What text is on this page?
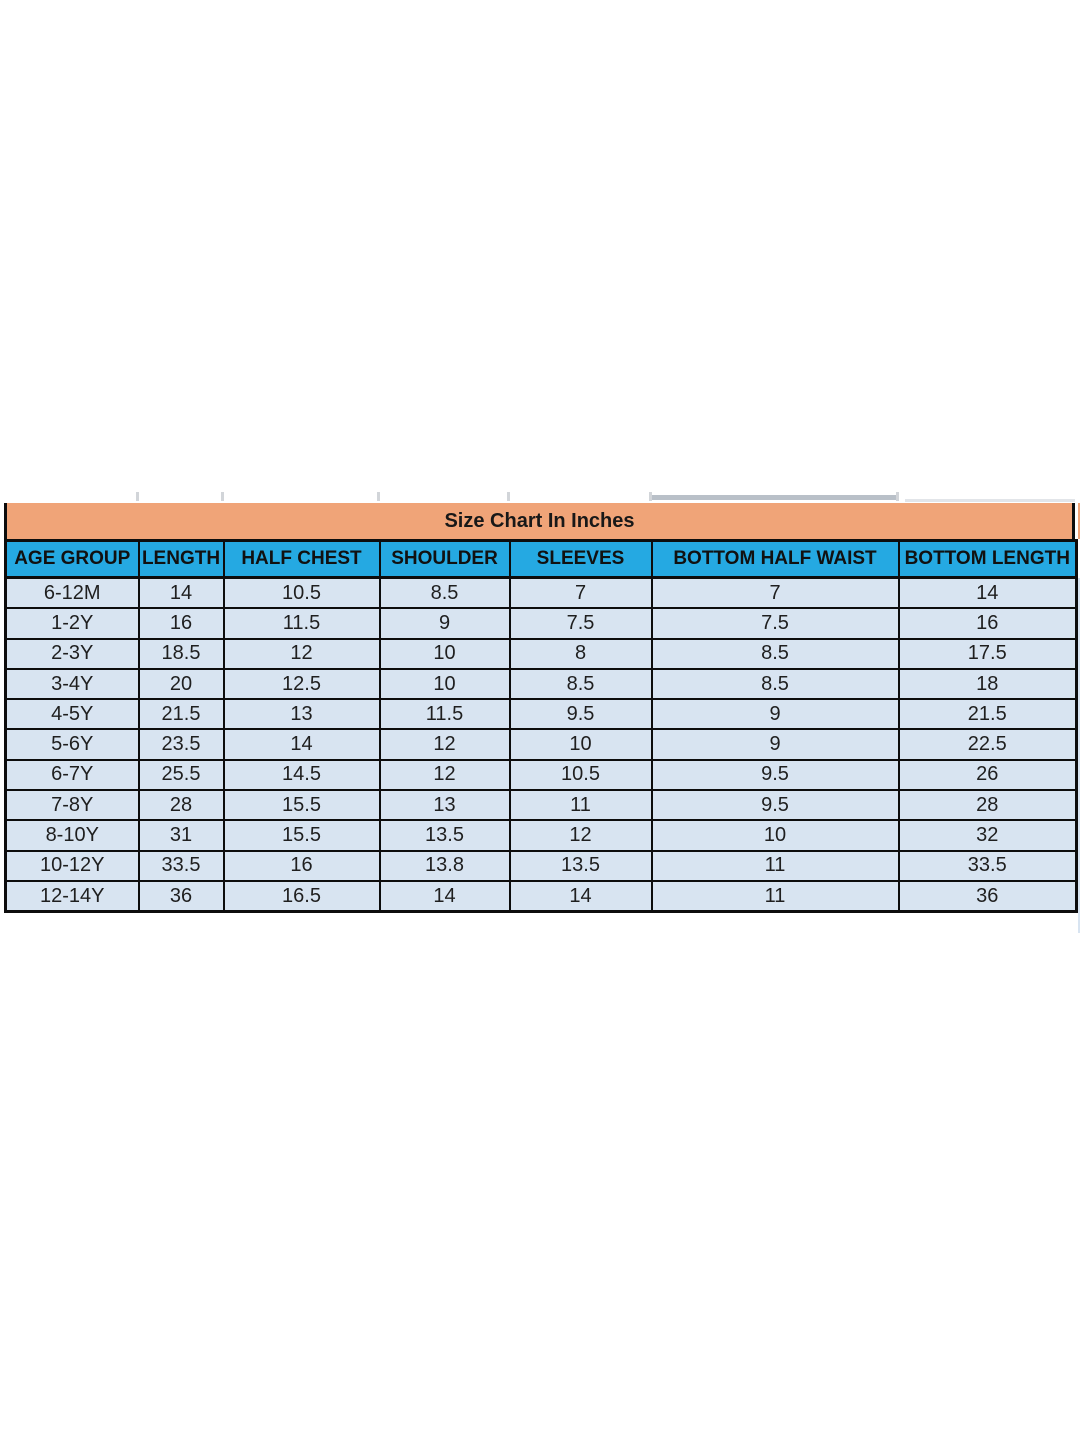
Size Chart In Inches
AGE GROUP	LENGTH	HALF CHEST	SHOULDER	SLEEVES	BOTTOM HALF WAIST	BOTTOM LENGTH
6-12M	14	10.5	8.5	7	7	14
1-2Y	16	11.5	9	7.5	7.5	16
2-3Y	18.5	12	10	8	8.5	17.5
3-4Y	20	12.5	10	8.5	8.5	18
4-5Y	21.5	13	11.5	9.5	9	21.5
5-6Y	23.5	14	12	10	9	22.5
6-7Y	25.5	14.5	12	10.5	9.5	26
7-8Y	28	15.5	13	11	9.5	28
8-10Y	31	15.5	13.5	12	10	32
10-12Y	33.5	16	13.8	13.5	11	33.5
12-14Y	36	16.5	14	14	11	36
